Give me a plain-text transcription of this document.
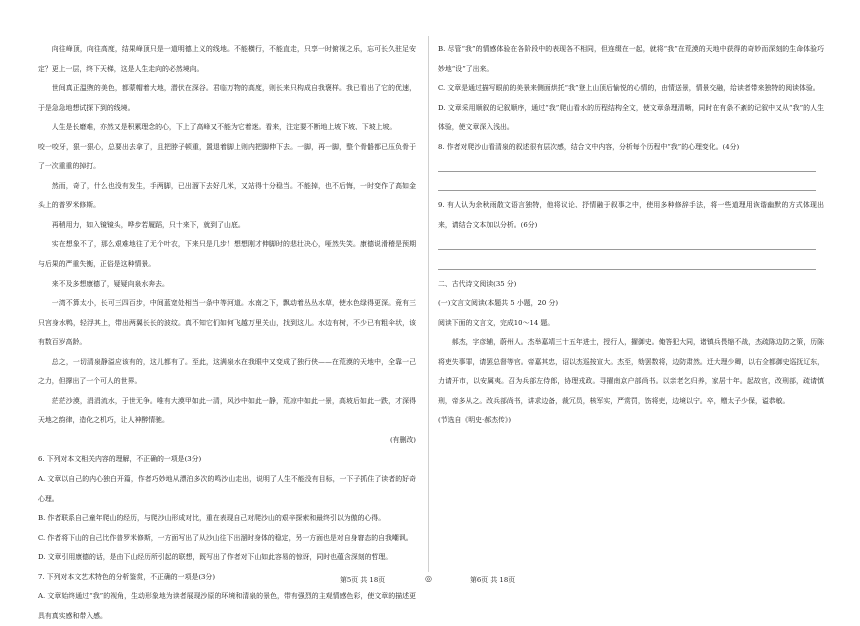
向往峰顶，向往高度，结果峰顶只是一道明德上义的线地。不能横行，不能直走，只享一时俯视之乐，忘可长久驻足安定？更上一层，终下天梯，这是人生走向的必然境向。

世间真正温煦的美色，都蒙帽着大地，潜伏在深谷。君临万物的高度，则长来只构成自我褒样。我已看出了它的优速，于是急急地想试探下到的线境。

人生是长磨难，亦然又是积累理念的心，下上了高峰又不能为它着迷。看来，注定要不断地上坡下坡、下坡上坡。

咬一咬牙，狠一狠心，总要出去拿了，且把脖子顿重，置退着脚上则内把脚伸下去。一脚，再一脚，整个骨骼都已压负骨于了一次重重的掉打。

然而，奇了，什么也没有发生，手两脚，已出溜下去好几米，又站得十分稳当。不能掉，也不后悔，一时变作了高如金头上的普罗米修斯。

再稍用力，如入镜镜头，哗步若履蹈，只十来下，就到了山底。

实在想象不了，那么艰难地往了无个叶衣，下来只是几步！想想刚才伸脚时的悲壮决心，哑然失笑。康德说滑稽是预期与后果的严重失衡，正俗是这种情景。

来不及多想康德了，疑疑向泉水奔去。

一湾不算太小，长可三四百步，中间蓝宽处相当一条中等河道。水南之下，飘动着丛丛水草，使水色绿得更深。竟有三只宫身水鸭，轻浮其上，带出两翼长长的波纹。真不知它们如何飞越万里关山，找到这儿。水边有树，不少已有粗伞状，该有数百岁高龄。

总之，一切清泉静溢应该有的，这儿都有了。至此，这满泉水在我眼中又变成了独行侠——在荒漠的天地中，全靠一己之力，但撑出了一个可人的世界。

茫茫沙漠，涓涓流水，于世无争。唯有大漠甲如此一清，风沙中如此一静，荒凉中如此一景，高坡后如此一跌，才深得天地之韵律，造化之机巧，让人神醉情驰。

(有删改)

6. 下列对本文相关内容的理解，不正确的一项是(3分)

A. 文章以自己的内心独白开篇，作者巧妙地从漂泊多次的鸣沙山走出，说明了人生不能没有目标，一下子抓住了读者的好奇心理。

B. 作者联系自己童年爬山的经历，与爬沙山形成对比，重在表现自己对爬沙山的艰辛探索和最终引以为傲的心得。

C. 作者将下山的自己比作普罗米修斯，一方面写出了从沙山往下出溜时身体的稳定，另一方面也是对自身窘态的自我嘲讽。

D. 文章引用康德的话，是由下山经历所引起的联想，既写出了作者对下山如此容易的惊讶，同时也蕴含深刻的哲理。

7. 下列对本文艺术特色的分析鉴赏，不正确的一项是(3分)

A. 文章始终通过“我”的视角，生动形象地为读者展现沙原的环境和清泉的景色，带有强烈的主观情感色彩，使文章的描述更具有真实感和带入感。

B. 尽管“我”的情感体验在各阶段中的表现各不相同，但连缀在一起，就将“我”在荒漠的天地中获得的奇妙而深刻的生命体验巧妙地“设”了出来。

C. 文章是通过描写眼前的美景来侧面烘托“我”登上山顶后愉悦的心情的，由情送景，情景交融，给读者带来独特的阅读体验。

D. 文章采用顺叙的记叙顺序，通过“我”爬山看水的历程结构全文，使文章条理清晰，同时在有条不紊的记叙中又从“我”的人生体验，使文章深入浅出。

8. 作者对爬沙山看清泉的叙述很有层次感，结合文中内容，分析每个历程中“我”的心理变化。(4分)

9. 有人认为余秋雨散文语言独特，他将议论、抒情融于叙事之中，使用多种修辞手法，将一些道理用诙谐幽默的方式体现出来，请结合文本加以分析。(6分)

二、古代诗文阅读(35 分)

(一)文言文阅读(本题共 5 小题，20 分)

阅读下面的文言文，完成10～14 题。

郝杰，字彦辅，蔚州人。杰举嘉靖三十五年进士，授行人，擢御史。俺答犯大同，诸镇兵畏缩不战，杰疏陈边防之策，历陈将吏失事罪，请罢总督等官。帝嘉其忠，诏以杰巡按宣大。杰至，劾罢数将，边防肃然。迁大理少卿，以右佥都御史巡抚辽东，力请开市，以安属夷。召为兵部左侍郎，协理戎政。寻擢南京户部尚书。以亲老乞归养，家居十年。起故官，改刑部，疏请慎刑，帝多从之。改兵部尚书，讲求边备，裁冗员，核军实，严赏罚，饬将吏，边境以宁。卒，赠太子少保，谥恭敏。

(节选自《明史·郝杰传》)

第5页 共 18页	◎	第6页 共 18页
